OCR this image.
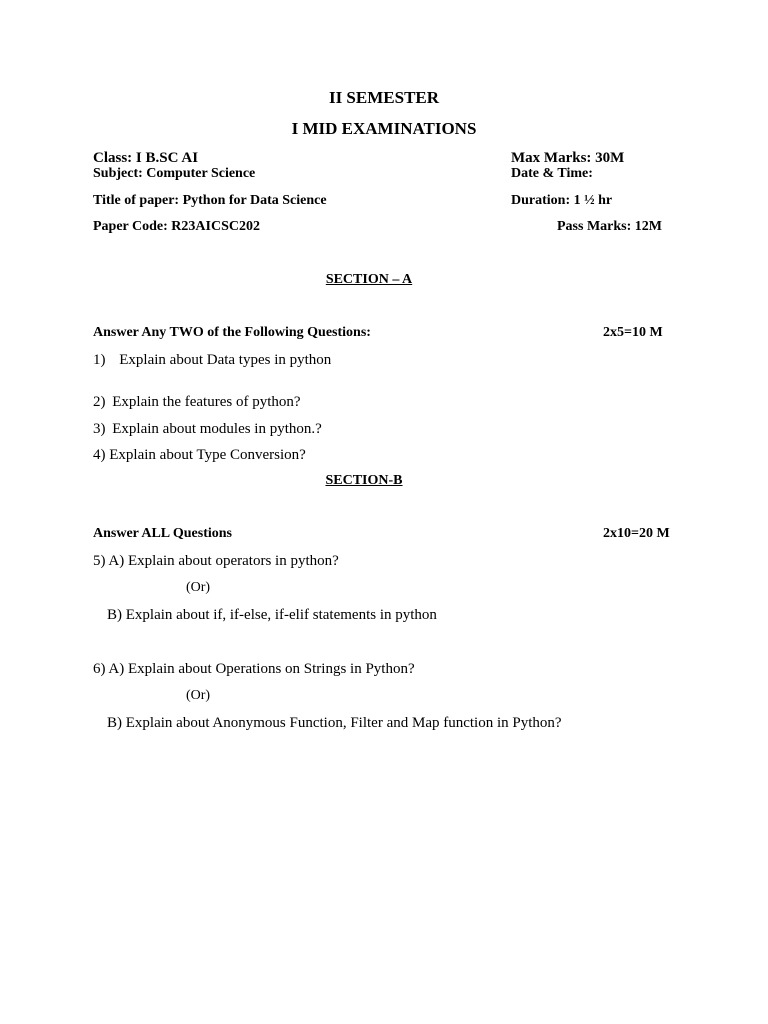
II SEMESTER
I MID EXAMINATIONS
Class: I B.SC AI
Subject: Computer Science
Title of paper: Python for Data Science
Paper Code: R23AICSC202
Max Marks: 30M
Date & Time:
Duration: 1 ½ hr
Pass Marks: 12M
SECTION – A
Answer Any TWO of the Following Questions:	2x5=10 M
1) Explain about Data types in python
2) Explain the features of python?
3) Explain about modules in python.?
4) Explain about Type Conversion?
SECTION-B
Answer ALL Questions	2x10=20 M
5) A) Explain about operators in python?
(Or)
B) Explain about if, if-else, if-elif statements in python
6) A) Explain about Operations on Strings in Python?
(Or)
B) Explain about Anonymous Function, Filter and Map function in Python?
